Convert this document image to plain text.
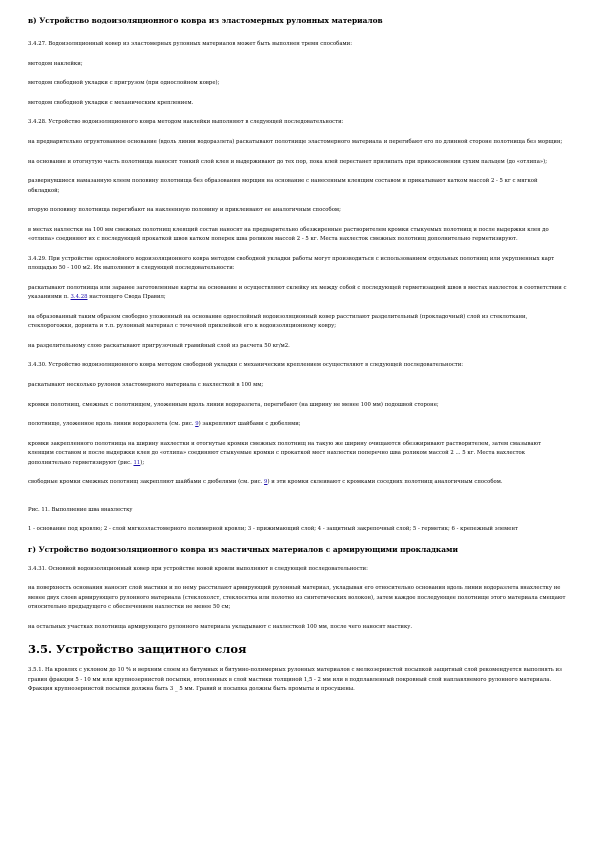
в) Устройство водоизоляционного ковра из эластомерных рулонных материалов
3.4.27. Водоизоляционный ковер из эластомерных рулонных материалов может быть выполнен тремя способами:
методом наклейки;
методом свободной укладки с пригрузом (при однослойном ковре);
методом свободной укладки с механическим креплением.
3.4.28. Устройство водоизоляционного ковра методом наклейки выполняют в следующей последовательности:
на предварительно огрунтованное основание (вдоль линии водоразлета) раскатывают полотнище эластомерного материала и перегибают его по длинной стороне полотнища без морщин;
на основание и отогнутую часть полотнища наносят тонкий слой клея и выдерживают до тех пор, пока клей перестанет прилипать при прикосновении сухим пальцем (до «отлипа»);
развернувшиеся намазанную клеем половину полотнища без образования морщин на основание с нанесенным клеящим составом и прикатывают катком массой 2 - 5 кг с мягкой обкладкой;
вторую половину полотнища перегибают на наклеенную половину и приклеивают ее аналогичным способом;
в местах нахлестки на 100 мм смежных полотнищ клеящий состав наносят на предварительно обезжиренные растворителем кромки стыкуемых полотнищ и после выдержки клея до «отлипа» соединяют их с последующей прокаткой швов катком поперек шва роликом массой 2 - 5 кг. Места нахлесток смежных полотнищ дополнительно герметизируют.
3.4.29. При устройстве однослойного водоизоляционного ковра методом свободной укладки работы могут производиться с использованием отдельных полотнищ или укрупненных карт площадью 50 - 100 м2. Их выполняют в следующей последовательности:
раскатывают полотнища или заранее заготовленные карты на основание и осуществляют склейку их между собой с последующей герметизацией швов в местах нахлесток в соответствии с указаниями п. 3.4.28 настоящего Свода Правил;
на образованный таким образом свободно уложенный на основание однослойный водоизоляционный ковер расстилают разделительный (прокладочный) слой из стеклоткани, стеклорогожки, дорнита и т.п. рулонный материал с точечной приклейкой его к водоизоляционному ковру;
на разделительному слою раскатывают пригрузочный гравийный слой из расчета 50 кг/м2.
3.4.30. Устройство водоизоляционного ковра методом свободной укладки с механическим креплением осуществляют в следующей последовательности:
раскатывают несколько рулонов эластомерного материала с нахлесткой в 100 мм;
кромки полотнищ, смежных с полотнищем, уложенным вдоль линии водоразлета, перегибают (на ширину не менее 100 мм) подошвой стороне;
полотнище, уложенное вдоль линии водоразлета (см. рис. 9) закрепляют шайбами с дюбелями;
кромки закрепленного полотнища на ширину нахлестки и отогнутые кромки смежных полотнищ на такую же ширину очищаются обезжиривают растворителем, затем смазывают клеящим составом и после выдержки клея до «отлипа» соединяют стыкуемые кромки с прокаткой мест нахлестки поперечно шва роликом массой 2 ... 5 кг. Места нахлесток дополнительно герметизируют (рис. 11);
свободные кромки смежных полотнищ закрепляют шайбами с дюбелями (см. рис. 9) и эти кромки склеивают с кромками соседних полотнищ аналогичным способом.
Рис. 11. Выполнение шва внахлестку
1 - основание под кровлю; 2 - слой мягкоэластомерного полимерной кровли; 3 - прижимающий слой; 4 - защитный закрепочный слой; 5 - герметик; 6 - крепежный элемент
г) Устройство водоизоляционного ковра из мастичных материалов с армирующими прокладками
3.4.31. Основной водоизоляционный ковер при устройстве новой кровли выполняют в следующей последовательности:
на поверхность основания наносят слой мастики и по нему расстилают армирующий рулонный материал, укладывая его относительно основания вдоль линии водоразлета внахлестку не менее двух слоев армирующего рулонного материала (стеклохолст, стеклосетка или полотно из синтетических волокон), затем каждое последующее полотнище этого материала смещают относительно предыдущего с обеспечением нахлестки не менее 50 см;
на остальных участках полотнища армирующего рулонного материала укладывают с нахлесткой 100 мм, после чего наносят мастику.
3.5. Устройство защитного слоя
3.5.1. На кровлях с уклоном до 10 % и верхним слоем из битумных и битумно-полимерных рулонных материалов с мелкозернистой посыпкой защитный слой рекомендуется выполнять из гравия фракции 5 - 10 мм или крупнозернистой посыпки, втопленных в слой мастики толщиной 1,5 - 2 мм или в подплавленный покровный слой наплавляемого рулонного материала. Фракция крупнозернистой посыпки должна быть 3 _ 5 мм. Гравий и посыпка должны быть промыты и просушены.
